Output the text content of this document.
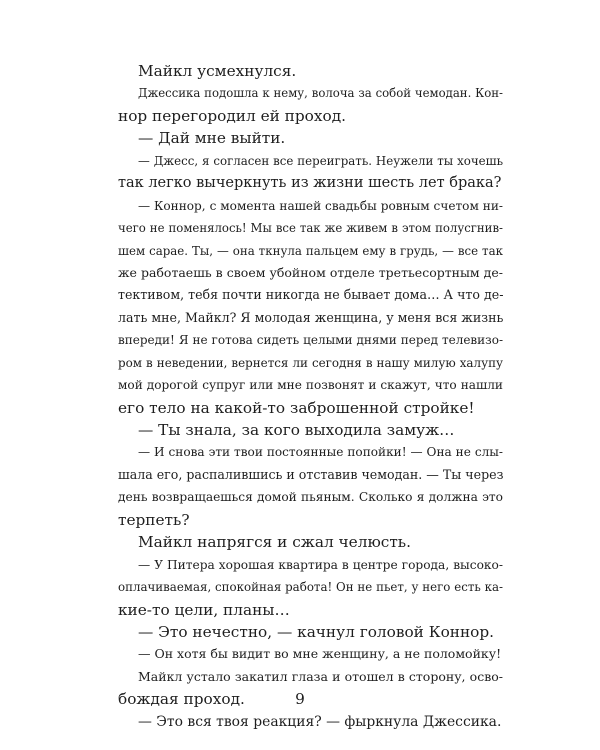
Майкл усмехнулся.
Джессика подошла к нему, волоча за собой чемодан. Кон-
нор перегородил ей проход.
— Дай мне выйти.
— Джесс, я согласен все переиграть. Неужели ты хочешь
так легко вычеркнуть из жизни шесть лет брака?
— Коннор, с момента нашей свадьбы ровным счетом ни-
чего не поменялось! Мы все так же живем в этом полусгнив-
шем сарае. Ты, — она ткнула пальцем ему в грудь, — все так
же работаешь в своем убойном отделе третьесортным де-
тективом, тебя почти никогда не бывает дома… А что де-
лать мне, Майкл? Я молодая женщина, у меня вся жизнь
впереди! Я не готова сидеть целыми днями перед телевизо-
ром в неведении, вернется ли сегодня в нашу милую халупу
мой дорогой супруг или мне позвонят и скажут, что нашли
его тело на какой-то заброшенной стройке!
— Ты знала, за кого выходила замуж…
— И снова эти твои постоянные попойки! — Она не слы-
шала его, распалившись и отставив чемодан. — Ты через
день возвращаешься домой пьяным. Сколько я должна это
терпеть?
Майкл напрягся и сжал челюсть.
— У Питера хорошая квартира в центре города, высоко-
оплачиваемая, спокойная работа! Он не пьет, у него есть ка-
кие-то цели, планы…
— Это нечестно, — качнул головой Коннор.
— Он хотя бы видит во мне женщину, а не поломойку!
Майкл устало закатил глаза и отошел в сторону, осво-
бождая проход.
— Это вся твоя реакция? — фыркнула Джессика.
9
